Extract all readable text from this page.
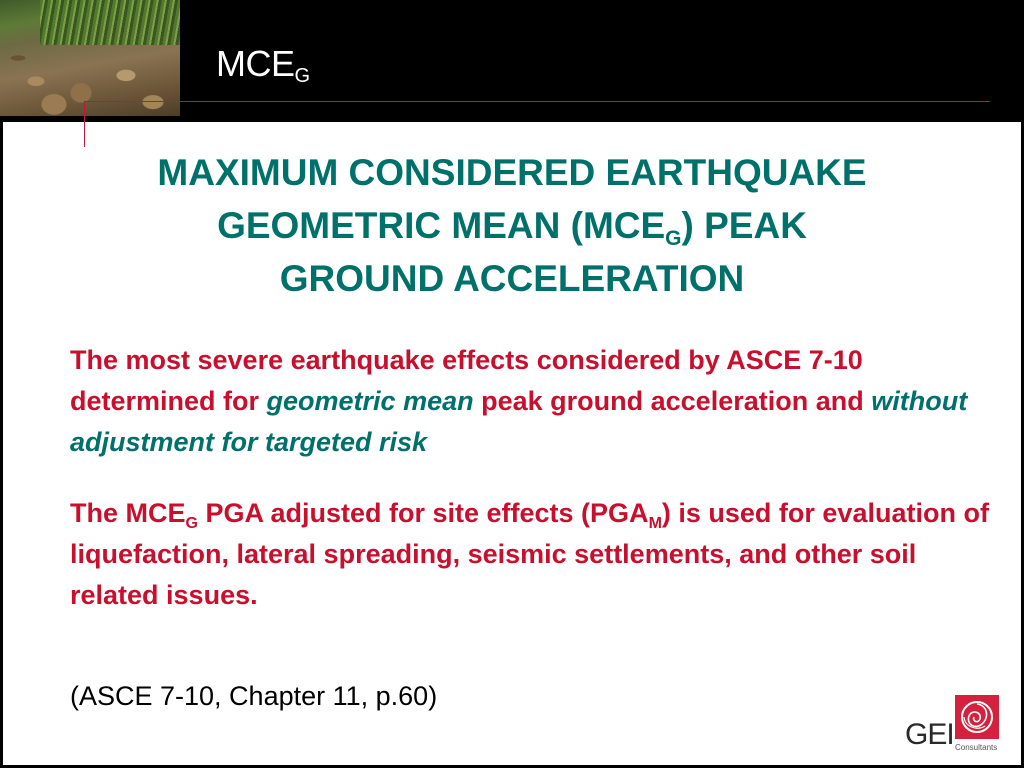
$MCE_G$
MAXIMUM CONSIDERED EARTHQUAKE
GEOMETRIC MEAN $(MCE_G)$ PEAK
GROUND ACCELERATION
The most severe earthquake effects considered by ASCE 7-10 determined for geometric mean peak ground acceleration and without adjustment for targeted risk
The $MCE_G$ PGA adjusted for site effects $(PGA_M)$ is used for evaluation of liquefaction, lateral spreading, seismic settlements, and other soil related issues.
(ASCE 7-10, Chapter 11, p.60)
GEI Consultants
